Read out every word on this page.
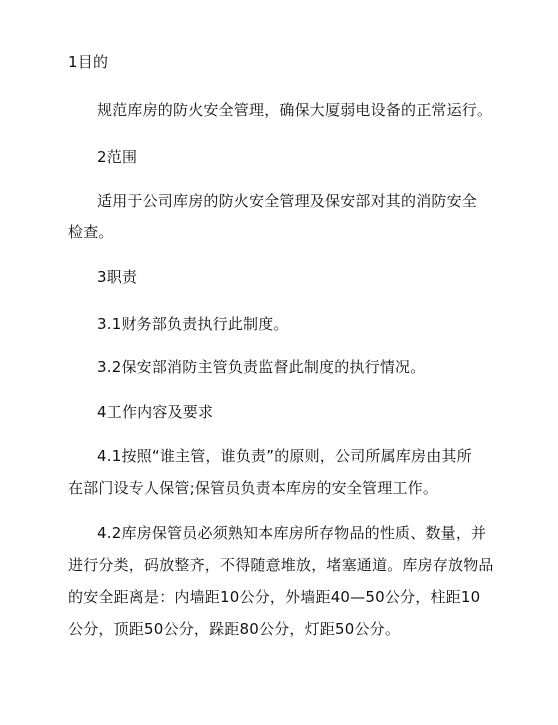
1目的
规范库房的防火安全管理，确保大厦弱电设备的正常运行。
2范围
适用于公司库房的防火安全管理及保安部对其的消防安全
检查。
3职责
3.1财务部负责执行此制度。
3.2保安部消防主管负责监督此制度的执行情况。
4工作内容及要求
4.1按照“谁主管，谁负责”的原则，公司所属库房由其所
在部门设专人保管;保管员负责本库房的安全管理工作。
4.2库房保管员必须熟知本库房所存物品的性质、数量，并
进行分类，码放整齐，不得随意堆放，堵塞通道。库房存放物品
的安全距离是：内墙距10公分，外墙距40—50公分，柱距10
公分，顶距50公分，跺距80公分，灯距50公分。
